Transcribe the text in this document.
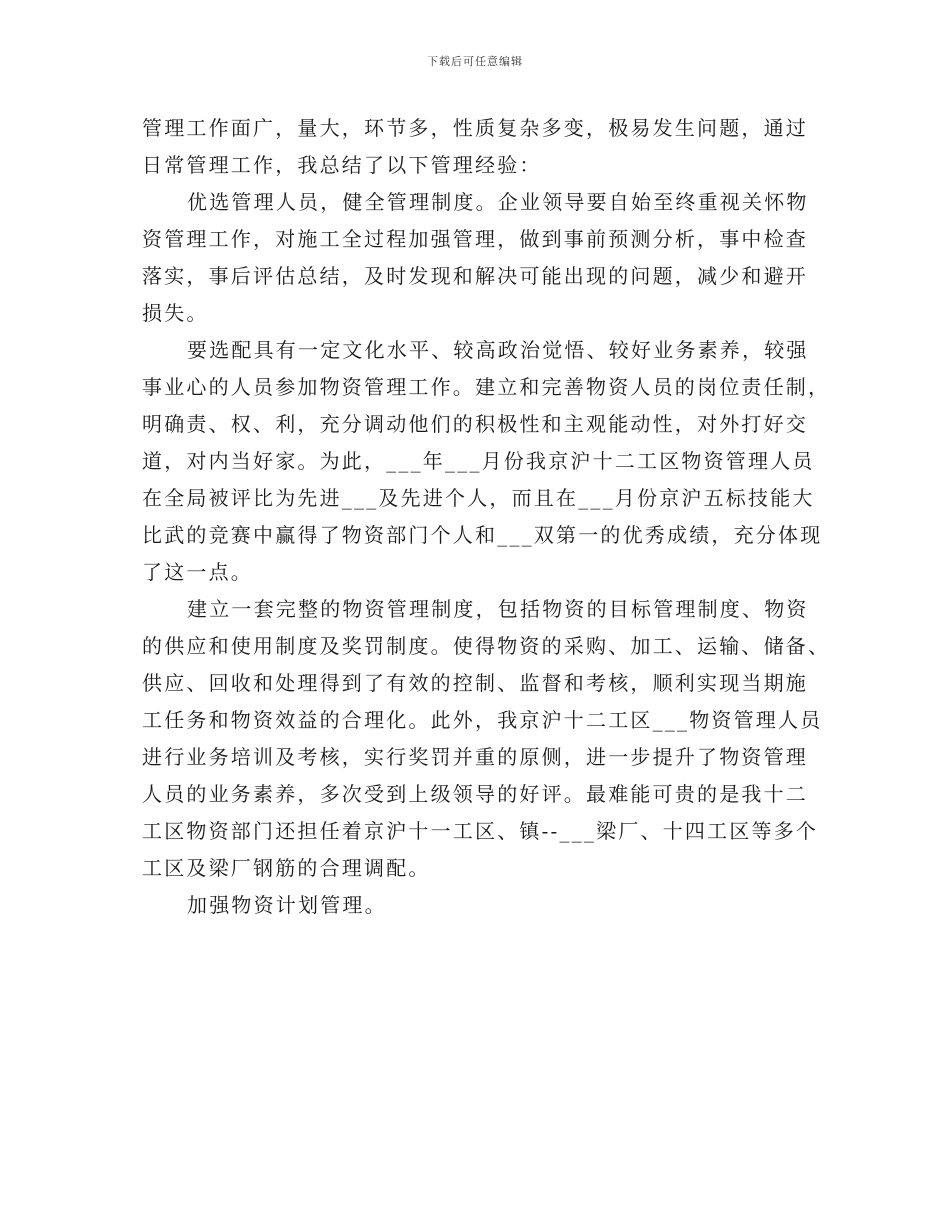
下载后可任意编辑
管理工作面广，量大，环节多，性质复杂多变，极易发生问题，通过
日常管理工作，我总结了以下管理经验：
优选管理人员，健全管理制度。企业领导要自始至终重视关怀物
资管理工作，对施工全过程加强管理，做到事前预测分析，事中检查
落实，事后评估总结，及时发现和解决可能出现的问题，减少和避开
损失。
要选配具有一定文化水平、较高政治觉悟、较好业务素养，较强
事业心的人员参加物资管理工作。建立和完善物资人员的岗位责任制，
明确责、权、利，充分调动他们的积极性和主观能动性，对外打好交
道，对内当好家。为此，___年___月份我京沪十二工区物资管理人员
在全局被评比为先进___及先进个人，而且在___月份京沪五标技能大
比武的竞赛中赢得了物资部门个人和___双第一的优秀成绩，充分体现
了这一点。
建立一套完整的物资管理制度，包括物资的目标管理制度、物资
的供应和使用制度及奖罚制度。使得物资的采购、加工、运输、储备、
供应、回收和处理得到了有效的控制、监督和考核，顺利实现当期施
工任务和物资效益的合理化。此外，我京沪十二工区___物资管理人员
进行业务培训及考核，实行奖罚并重的原侧，进一步提升了物资管理
人员的业务素养，多次受到上级领导的好评。最难能可贵的是我十二
工区物资部门还担任着京沪十一工区、镇--___梁厂、十四工区等多个
工区及梁厂钢筋的合理调配。
加强物资计划管理。
